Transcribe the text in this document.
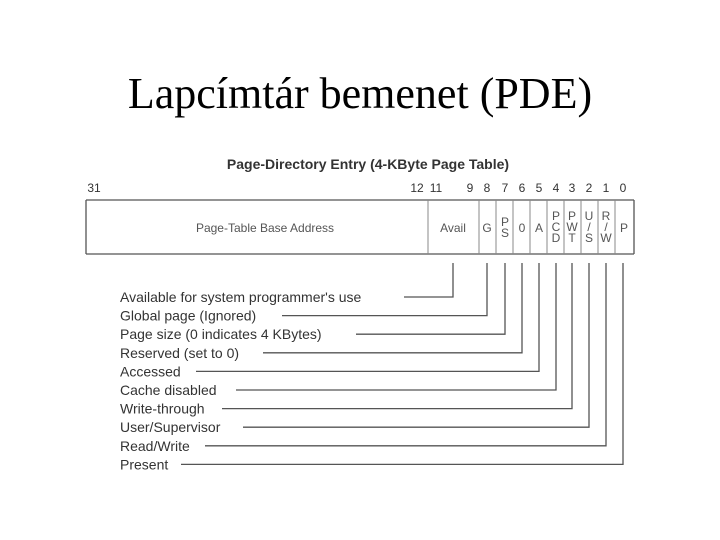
Lapcímtár bemenet (PDE)
Page-Directory Entry (4-KByte Page Table)
31	12 11 9 8 7 6 5 4 3 2 1 0
Page-Table Base Address	Avail G P
S 0 A
P
C
D
P
W
T
U
/
S
R
/
W
P
Available for system programmer's use
Global page (Ignored)
Page size (0 indicates 4 KBytes)
Reserved (set to 0)
Accessed
Cache disabled
Write-through
User/Supervisor
Read/Write
Present
